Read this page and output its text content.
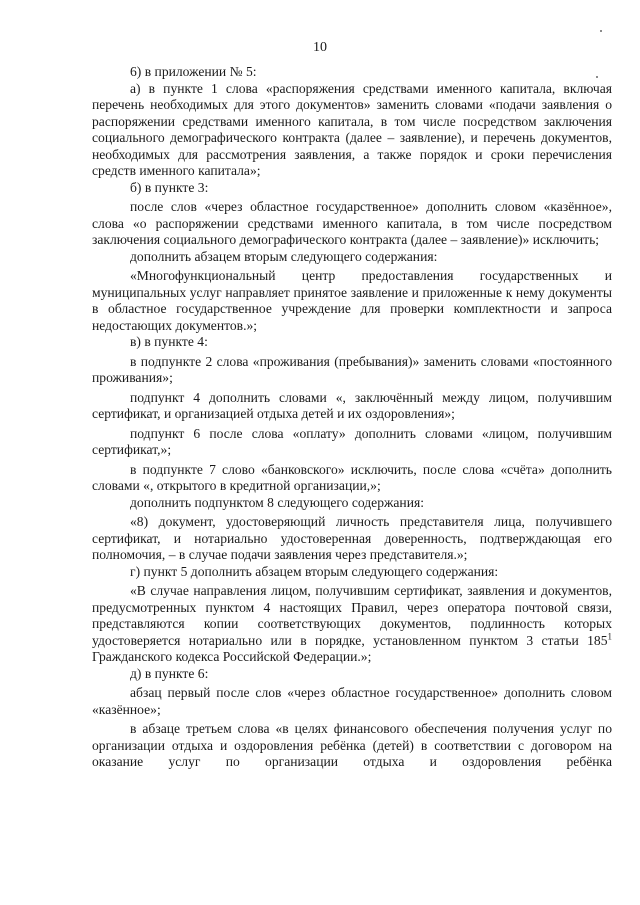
10

6) в приложении № 5:

а) в пункте 1 слова «распоряжения средствами именного капитала, включая перечень необходимых для этого документов» заменить словами «подачи заявления о распоряжении средствами именного капитала, в том числе посредством заключения социального демографического контракта (далее – заявление), и перечень документов, необходимых для рассмотрения заявления, а также порядок и сроки перечисления средств именного капитала»;

б) в пункте 3:

после слов «через областное государственное» дополнить словом «казённое», слова «о распоряжении средствами именного капитала, в том числе посредством заключения социального демографического контракта (далее – заявление)» исключить;

дополнить абзацем вторым следующего содержания:

«Многофункциональный центр предоставления государственных и муниципальных услуг направляет принятое заявление и приложенные к нему документы в областное государственное учреждение для проверки комплектности и запроса недостающих документов.»;

в) в пункте 4:

в подпункте 2 слова «проживания (пребывания)» заменить словами «постоянного проживания»;

подпункт 4 дополнить словами «, заключённый между лицом, получившим сертификат, и организацией отдыха детей и их оздоровления»;

подпункт 6 после слова «оплату» дополнить словами «лицом, получившим сертификат,»;

в подпункте 7 слово «банковского» исключить, после слова «счёта» дополнить словами «, открытого в кредитной организации,»;

дополнить подпунктом 8 следующего содержания:

«8) документ, удостоверяющий личность представителя лица, получившего сертификат, и нотариально удостоверенная доверенность, подтверждающая его полномочия, – в случае подачи заявления через представителя.»;

г) пункт 5 дополнить абзацем вторым следующего содержания:

«В случае направления лицом, получившим сертификат, заявления и документов, предусмотренных пунктом 4 настоящих Правил, через оператора почтовой связи, представляются копии соответствующих документов, подлинность которых удостоверяется нотариально или в порядке, установленном пунктом 3 статьи $185^1$ Гражданского кодекса Российской Федерации.»;

д) в пункте 6:

абзац первый после слов «через областное государственное» дополнить словом «казённое»;

в абзаце третьем слова «в целях финансового обеспечения получения услуг по организации отдыха и оздоровления ребёнка (детей) в соответствии с договором на оказание услуг по организации отдыха и оздоровления ребёнка
